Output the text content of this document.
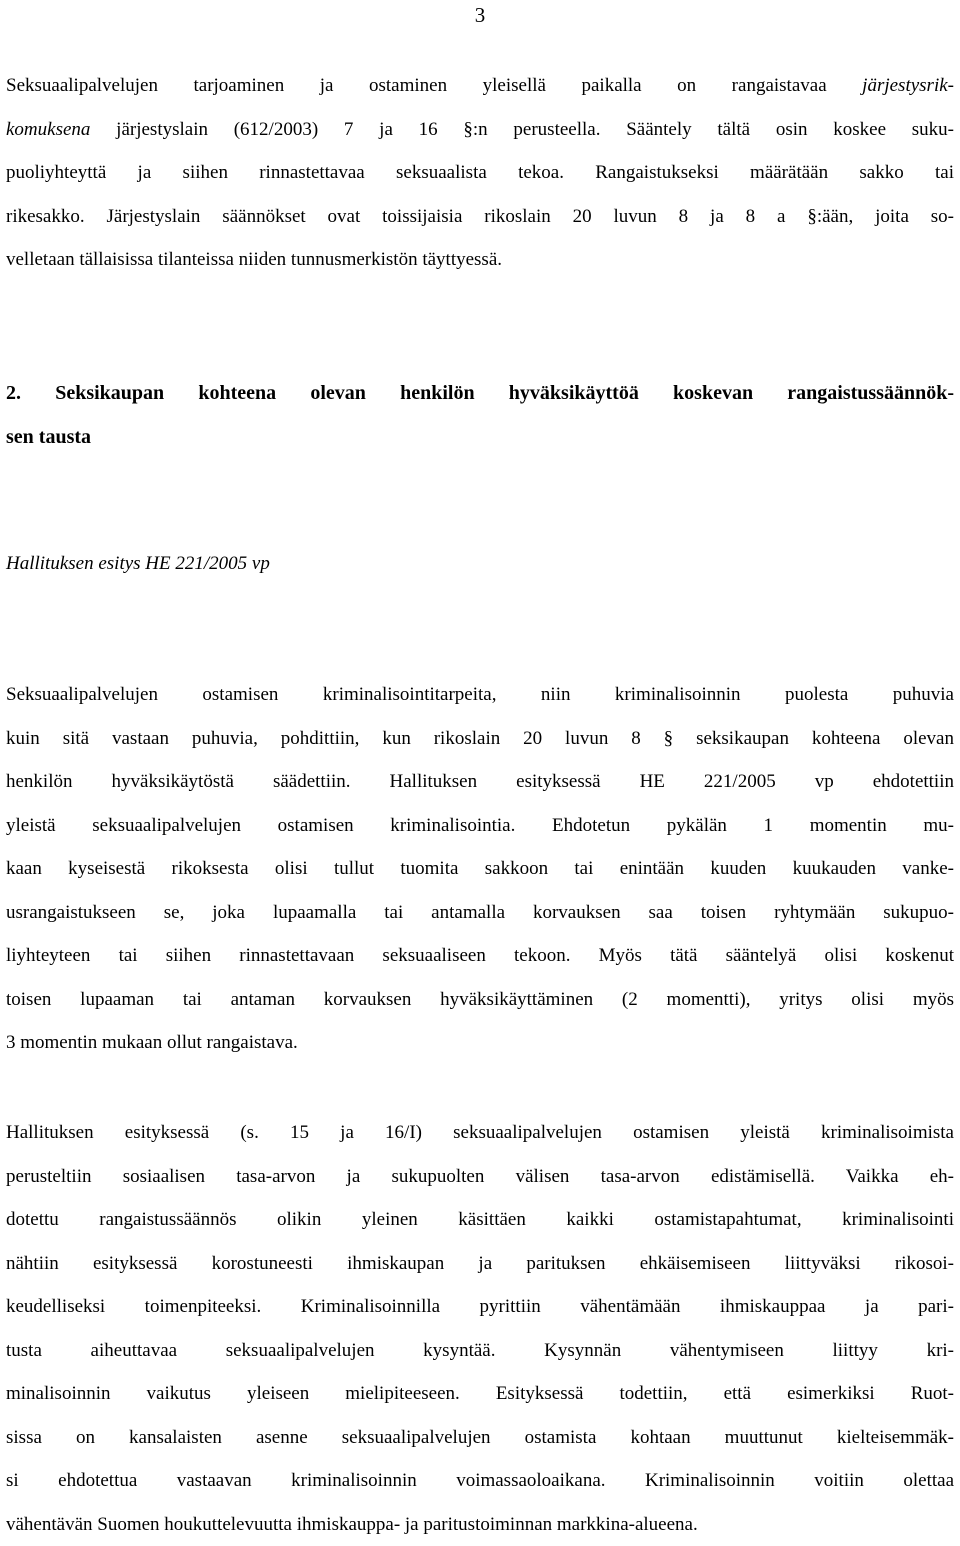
3
Seksuaalipalvelujen tarjoaminen ja ostaminen yleisellä paikalla on rangaistavaa järjestysrik-
komuksena järjestyslain (612/2003) 7 ja 16 §:n perusteella. Sääntely tältä osin koskee suku-
puoliyhteyttä ja siihen rinnastettavaa seksuaalista tekoa. Rangaistukseksi määrätään sakko tai
rikesakko. Järjestyslain säännökset ovat toissijaisia rikoslain 20 luvun 8 ja 8 a §:ään, joita so-
velletaan tällaisissa tilanteissa niiden tunnusmerkistön täyttyessä.
2. Seksikaupan kohteena olevan henkilön hyväksikäyttöä koskevan rangaistussäännök-
sen tausta
Hallituksen esitys HE 221/2005 vp
Seksuaalipalvelujen ostamisen kriminalisointitarpeita, niin kriminalisoinnin puolesta puhuvia
kuin sitä vastaan puhuvia, pohdittiin, kun rikoslain 20 luvun 8 § seksikaupan kohteena olevan
henkilön hyväksikäytöstä säädettiin. Hallituksen esityksessä HE 221/2005 vp ehdotettiin
yleistä seksuaalipalvelujen ostamisen kriminalisointia. Ehdotetun pykälän 1 momentin mu-
kaan kyseisestä rikoksesta olisi tullut tuomita sakkoon tai enintään kuuden kuukauden vanke-
usrangaistukseen se, joka lupaamalla tai antamalla korvauksen saa toisen ryhtymään sukupuo-
liyhteyteen tai siihen rinnastettavaan seksuaaliseen tekoon. Myös tätä sääntelyä olisi koskenut
toisen lupaaman tai antaman korvauksen hyväksikäyttäminen (2 momentti), yritys olisi myös
3 momentin mukaan ollut rangaistava.
Hallituksen esityksessä (s. 15 ja 16/I) seksuaalipalvelujen ostamisen yleistä kriminalisoimista
perusteltiin sosiaalisen tasa-arvon ja sukupuolten välisen tasa-arvon edistämisellä. Vaikka eh-
dotettu rangaistussäännös olikin yleinen käsittäen kaikki ostamistapahtumat, kriminalisointi
nähtiin esityksessä korostuneesti ihmiskaupan ja parituksen ehkäisemiseen liittyväksi rikosoi-
keudelliseksi toimenpiteeksi. Kriminalisoinnilla pyrittiin vähentämään ihmiskauppaa ja pari-
tusta aiheuttavaa seksuaalipalvelujen kysyntää. Kysynnän vähentymiseen liittyy kri-
minalisoinnin vaikutus yleiseen mielipiteeseen. Esityksessä todettiin, että esimerkiksi Ruot-
sissa on kansalaisten asenne seksuaalipalvelujen ostamista kohtaan muuttunut kielteisemmäk-
si ehdotettua vastaavan kriminalisoinnin voimassaoloaikana. Kriminalisoinnin voitiin olettaa
vähentävän Suomen houkuttelevuutta ihmiskauppa- ja paritustoiminnan markkina-alueena.
